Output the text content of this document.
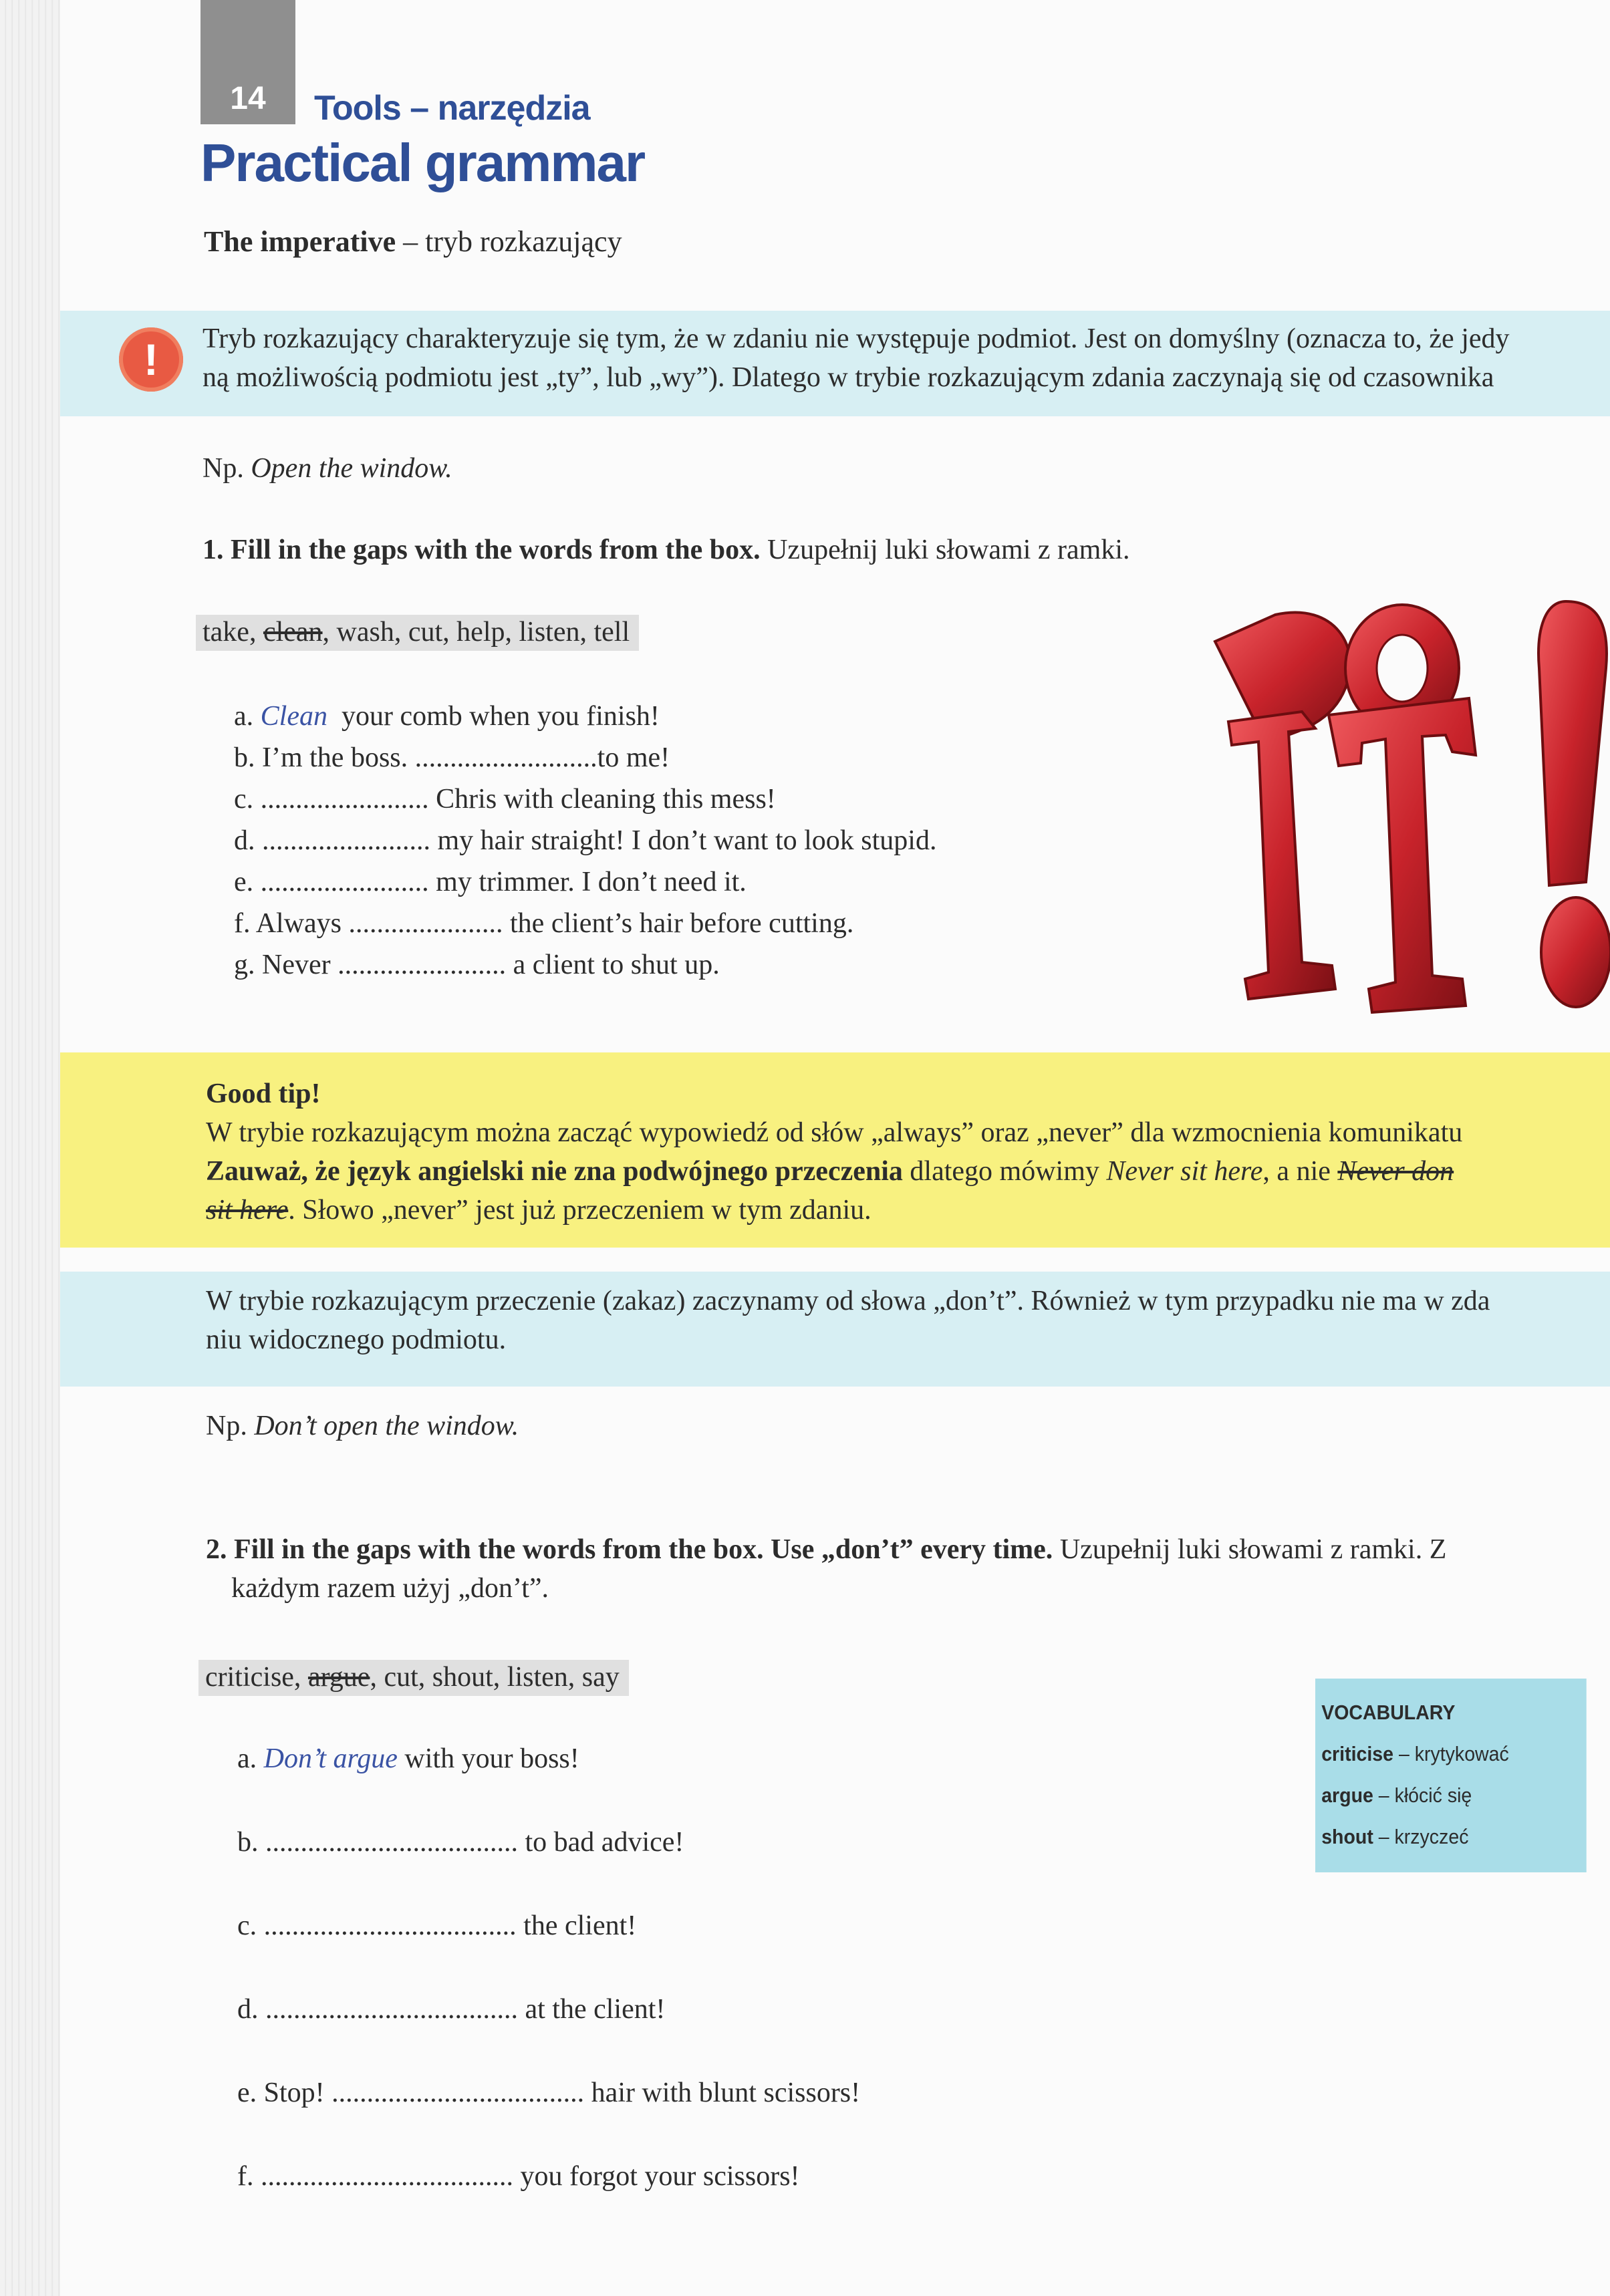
14	Tools – narzędzia
Practical grammar
The imperative – tryb rozkazujący
!	Tryb rozkazujący charakteryzuje się tym, że w zdaniu nie występuje podmiot. Jest on domyślny (oznacza to, że jedy
ną możliwością podmiotu jest „ty”, lub „wy”). Dlatego w trybie rozkazującym zdania zaczynają się od czasownika
Np. Open the window.
1. Fill in the gaps with the words from the box. Uzupełnij luki słowami z ramki.
take, clean, wash, cut, help, listen, tell
a. Clean your comb when you finish!
b. I’m the boss. ..........................to me!
c. ........................ Chris with cleaning this mess!
d. ........................ my hair straight! I don’t want to look stupid.
e. ........................ my trimmer. I don’t need it.
f. Always ...................... the client’s hair before cutting.
g. Never ........................ a client to shut up.
Good tip!
W trybie rozkazującym można zacząć wypowiedź od słów „always” oraz „never” dla wzmocnienia komunikatu
Zauważ, że język angielski nie zna podwójnego przeczenia dlatego mówimy Never sit here, a nie Never don
sit here. Słowo „never” jest już przeczeniem w tym zdaniu.
W trybie rozkazującym przeczenie (zakaz) zaczynamy od słowa „don’t”. Również w tym przypadku nie ma w zda
niu widocznego podmiotu.
Np. Don’t open the window.
2. Fill in the gaps with the words from the box. Use „don’t” every time. Uzupełnij luki słowami z ramki. Z
każdym razem użyj „don’t”.
criticise, argue, cut, shout, listen, say
a. Don’t argue with your boss!
b. .................................... to bad advice!
c. .................................... the client!
d. .................................... at the client!
e. Stop! .................................... hair with blunt scissors!
f. .................................... you forgot your scissors!
VOCABULARY
criticise – krytykować
argue – kłócić się
shout – krzyczeć
